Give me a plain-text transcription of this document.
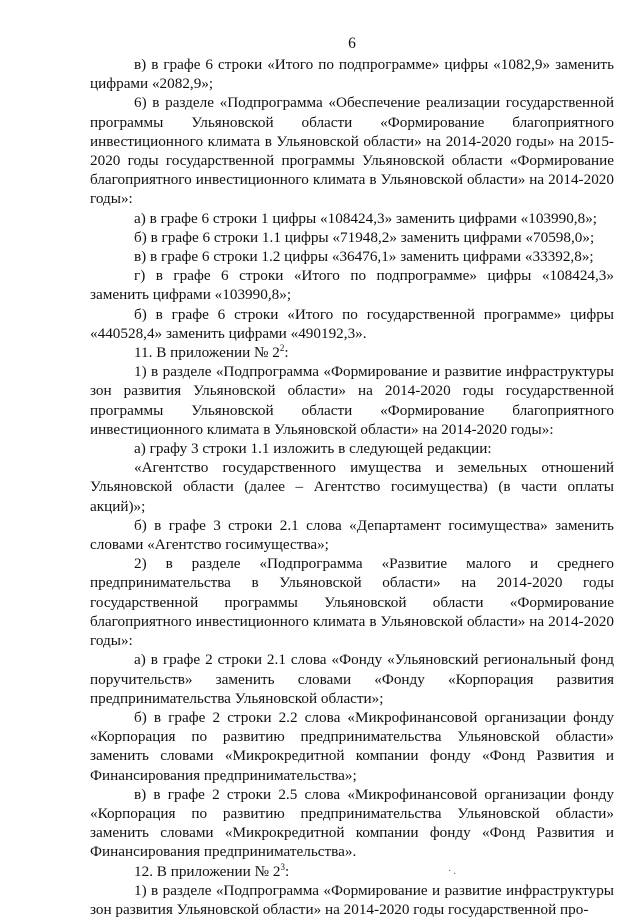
6

в) в графе 6 строки «Итого по подпрограмме» цифры «1082,9» заменить цифрами «2082,9»;

6) в разделе «Подпрограмма «Обеспечение реализации государственной программы Ульяновской области «Формирование благоприятного инвестиционного климата в Ульяновской области» на 2014-2020 годы» на 2015-2020 годы государственной программы Ульяновской области «Формирование благоприятного инвестиционного климата в Ульяновской области» на 2014-2020 годы»:

а) в графе 6 строки 1 цифры «108424,3» заменить цифрами «103990,8»;

б) в графе 6 строки 1.1 цифры «71948,2» заменить цифрами «70598,0»;

в) в графе 6 строки 1.2 цифры «36476,1» заменить цифрами «33392,8»;

г) в графе 6 строки «Итого по подпрограмме» цифры «108424,3» заменить цифрами «103990,8»;

б) в графе 6 строки «Итого по государственной программе» цифры «440528,4» заменить цифрами «490192,3».

11. В приложении № $2^2$:

1) в разделе «Подпрограмма «Формирование и развитие инфраструктуры зон развития Ульяновской области» на 2014-2020 годы государственной программы Ульяновской области «Формирование благоприятного инвестиционного климата в Ульяновской области» на 2014-2020 годы»:

а) графу 3 строки 1.1 изложить в следующей редакции:

«Агентство государственного имущества и земельных отношений Ульяновской области (далее – Агентство госимущества) (в части оплаты акций)»;

б) в графе 3 строки 2.1 слова «Департамент госимущества» заменить словами «Агентство госимущества»;

2) в разделе «Подпрограмма «Развитие малого и среднего предпринимательства в Ульяновской области» на 2014-2020 годы государственной программы Ульяновской области «Формирование благоприятного инвестиционного климата в Ульяновской области» на 2014-2020 годы»:

а) в графе 2 строки 2.1 слова «Фонду «Ульяновский региональный фонд поручительств» заменить словами «Фонду «Корпорация развития предпринимательства Ульяновской области»;

б) в графе 2 строки 2.2 слова «Микрофинансовой организации фонду «Корпорация по развитию предпринимательства Ульяновской области» заменить словами «Микрокредитной компании фонду «Фонд Развития и Финансирования предпринимательства»;

в) в графе 2 строки 2.5 слова «Микрофинансовой организации фонду «Корпорация по развитию предпринимательства Ульяновской области» заменить словами «Микрокредитной компании фонду «Фонд Развития и Финансирования предпринимательства».

12. В приложении № $2^3$:

1) в разделе «Подпрограмма «Формирование и развитие инфраструктуры зон развития Ульяновской области» на 2014-2020 годы государственной про-

·.
